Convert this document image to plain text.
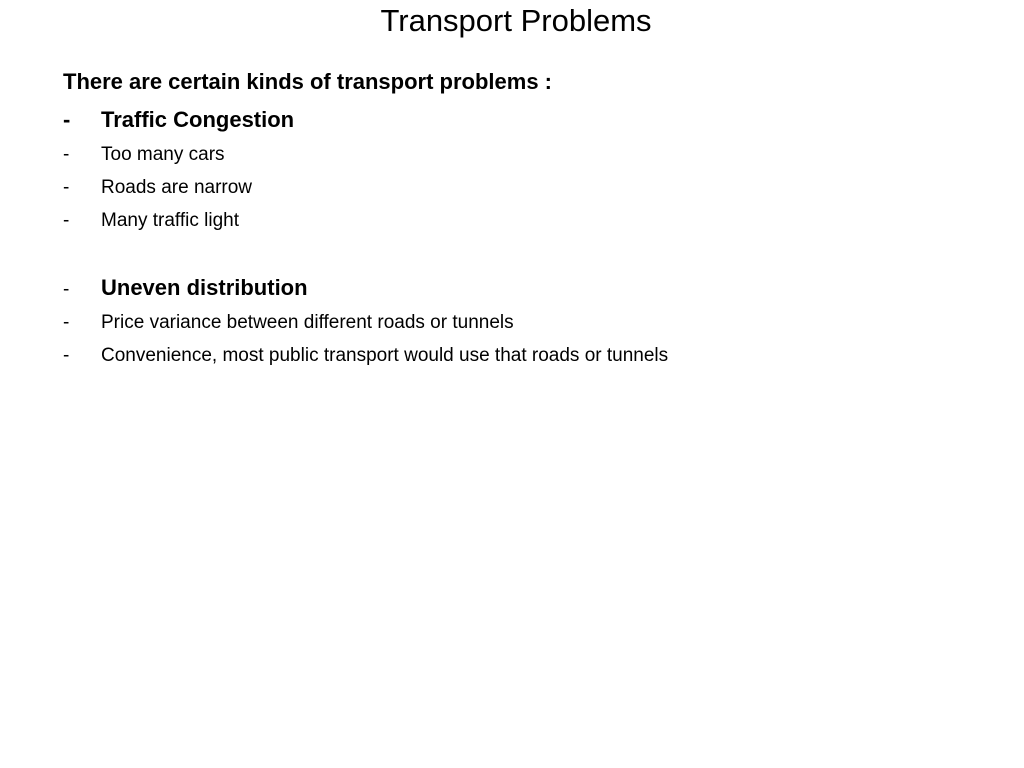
Transport Problems
There are certain kinds of transport problems :
- Traffic Congestion
- Too many cars
- Roads are narrow
- Many traffic light
- Uneven distribution
- Price variance between different roads or tunnels
- Convenience, most public transport would use that roads or tunnels
